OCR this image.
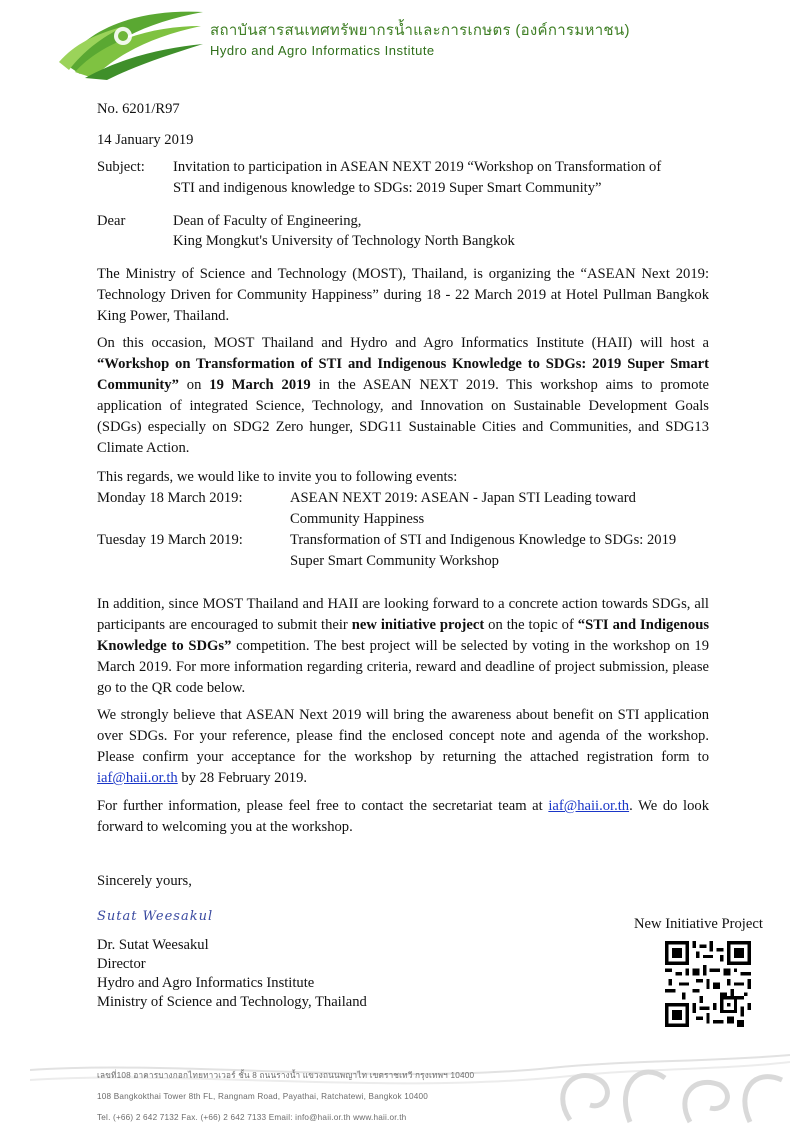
สถาบันสารสนเทศทรัพยากรน้ำและการเกษตร (องค์การมหาชน)
Hydro and Agro Informatics Institute
No. 6201/R97
14 January 2019
Subject: Invitation to participation in ASEAN NEXT 2019 “Workshop on Transformation of
STI and indigenous knowledge to SDGs: 2019 Super Smart Community”
Dear	Dean of Faculty of Engineering,
King Mongkut's University of Technology North Bangkok
The Ministry of Science and Technology (MOST), Thailand, is organizing the “ASEAN Next 2019: Technology Driven for Community Happiness” during 18 - 22 March 2019 at Hotel Pullman Bangkok King Power, Thailand.
On this occasion, MOST Thailand and Hydro and Agro Informatics Institute (HAII) will host a “Workshop on Transformation of STI and Indigenous Knowledge to SDGs: 2019 Super Smart Community” on 19 March 2019 in the ASEAN NEXT 2019. This workshop aims to promote application of integrated Science, Technology, and Innovation on Sustainable Development Goals (SDGs) especially on SDG2 Zero hunger, SDG11 Sustainable Cities and Communities, and SDG13 Climate Action.
This regards, we would like to invite you to following events:
Monday 18 March 2019:	ASEAN NEXT 2019: ASEAN - Japan STI Leading toward
Community Happiness
Tuesday 19 March 2019:	Transformation of STI and Indigenous Knowledge to SDGs: 2019
Super Smart Community Workshop
In addition, since MOST Thailand and HAII are looking forward to a concrete action towards SDGs, all participants are encouraged to submit their new initiative project on the topic of “STI and Indigenous Knowledge to SDGs” competition. The best project will be selected by voting in the workshop on 19 March 2019. For more information regarding criteria, reward and deadline of project submission, please go to the QR code below.
We strongly believe that ASEAN Next 2019 will bring the awareness about benefit on STI application over SDGs. For your reference, please find the enclosed concept note and agenda of the workshop. Please confirm your acceptance for the workshop by returning the attached registration form to iaf@haii.or.th by 28 February 2019.
For further information, please feel free to contact the secretariat team at iaf@haii.or.th. We do look forward to welcoming you at the workshop.
Sincerely yours,
Sutat Weesakul
Dr. Sutat Weesakul
Director
Hydro and Agro Informatics Institute
Ministry of Science and Technology, Thailand
New Initiative Project
เลขที่108 อาคารบางกอกไทยทาวเวอร์ ชั้น 8 ถนนรางน้ำ แขวงถนนพญาไท เขตราชเทวี กรุงเทพฯ 10400
108 Bangkokthai Tower 8th FL, Rangnam Road, Payathai, Ratchatewi, Bangkok 10400
Tel. (+66) 2 642 7132 Fax. (+66) 2 642 7133 Email: info@haii.or.th www.haii.or.th
